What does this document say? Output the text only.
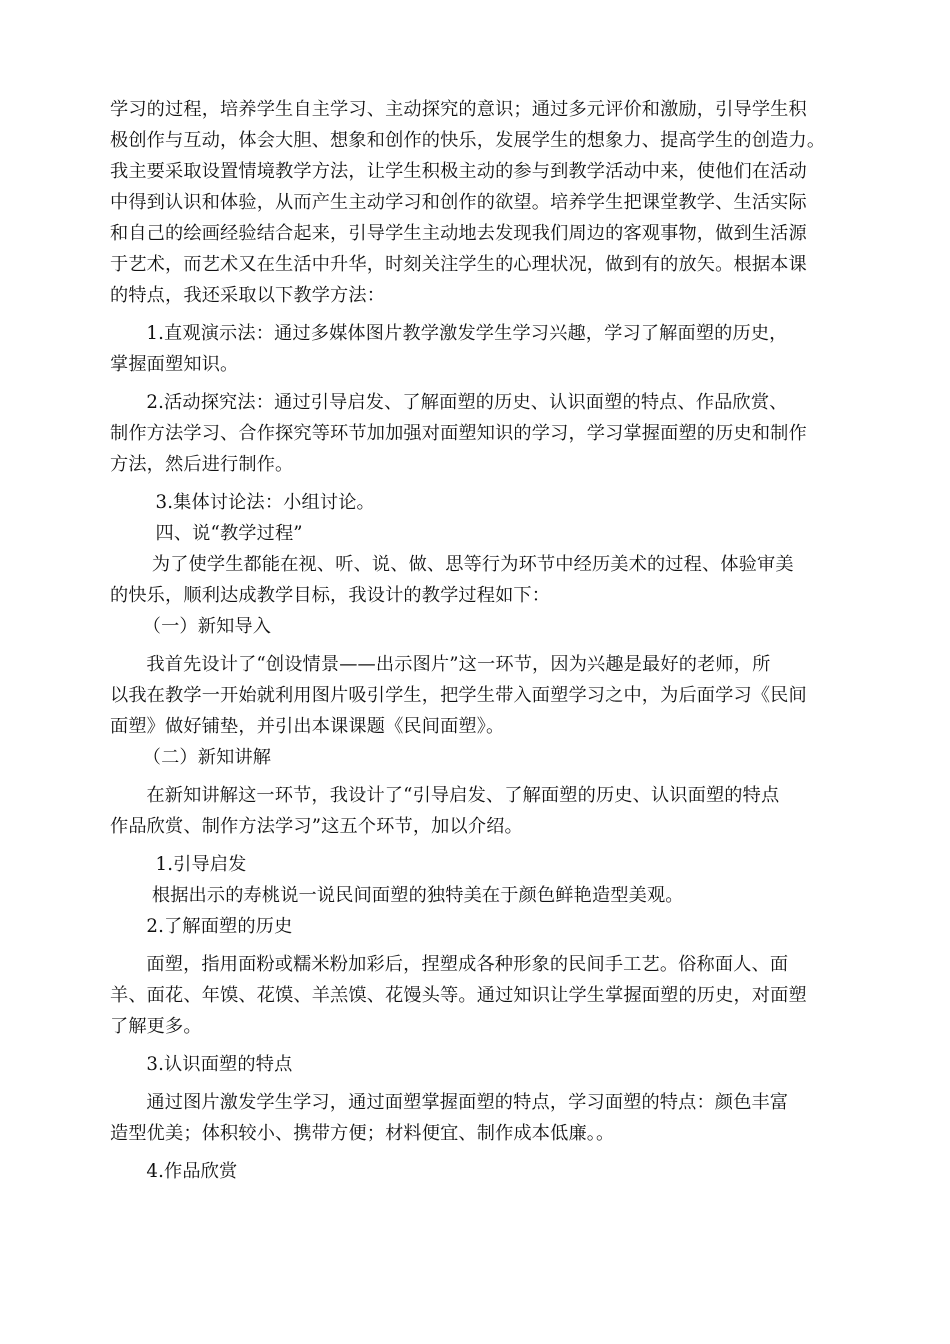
学习的过程，培养学生自主学习、主动探究的意识；通过多元评价和激励，引导学生积
极创作与互动，体会大胆、想象和创作的快乐，发展学生的想象力、提高学生的创造力。
我主要采取设置情境教学方法，让学生积极主动的参与到教学活动中来，使他们在活动
中得到认识和体验，从而产生主动学习和创作的欲望。培养学生把课堂教学、生活实际
和自己的绘画经验结合起来，引导学生主动地去发现我们周边的客观事物，做到生活源
于艺术，而艺术又在生活中升华，时刻关注学生的心理状况，做到有的放矢。根据本课
的特点，我还采取以下教学方法：
1.直观演示法：通过多媒体图片教学激发学生学习兴趣，学习了解面塑的历史，
掌握面塑知识。
2.活动探究法：通过引导启发、了解面塑的历史、认识面塑的特点、作品欣赏、
制作方法学习、合作探究等环节加加强对面塑知识的学习，学习掌握面塑的历史和制作
方法，然后进行制作。
3.集体讨论法：小组讨论。
四、说“教学过程”
为了使学生都能在视、听、说、做、思等行为环节中经历美术的过程、体验审美
的快乐，顺利达成教学目标，我设计的教学过程如下：
（一）新知导入
我首先设计了“创设情景——出示图片”这一环节，因为兴趣是最好的老师，所
以我在教学一开始就利用图片吸引学生，把学生带入面塑学习之中，为后面学习《民间
面塑》做好铺垫，并引出本课课题《民间面塑》。
（二）新知讲解
在新知讲解这一环节，我设计了“引导启发、了解面塑的历史、认识面塑的特点
作品欣赏、制作方法学习”这五个环节，加以介绍。
1.引导启发
根据出示的寿桃说一说民间面塑的独特美在于颜色鲜艳造型美观。
2.了解面塑的历史
面塑，指用面粉或糯米粉加彩后，捏塑成各种形象的民间手工艺。俗称面人、面
羊、面花、年馍、花馍、羊羔馍、花馒头等。通过知识让学生掌握面塑的历史，对面塑
了解更多。
3.认识面塑的特点
通过图片激发学生学习，通过面塑掌握面塑的特点，学习面塑的特点：颜色丰富
造型优美；体积较小、携带方便；材料便宜、制作成本低廉。。
4.作品欣赏
